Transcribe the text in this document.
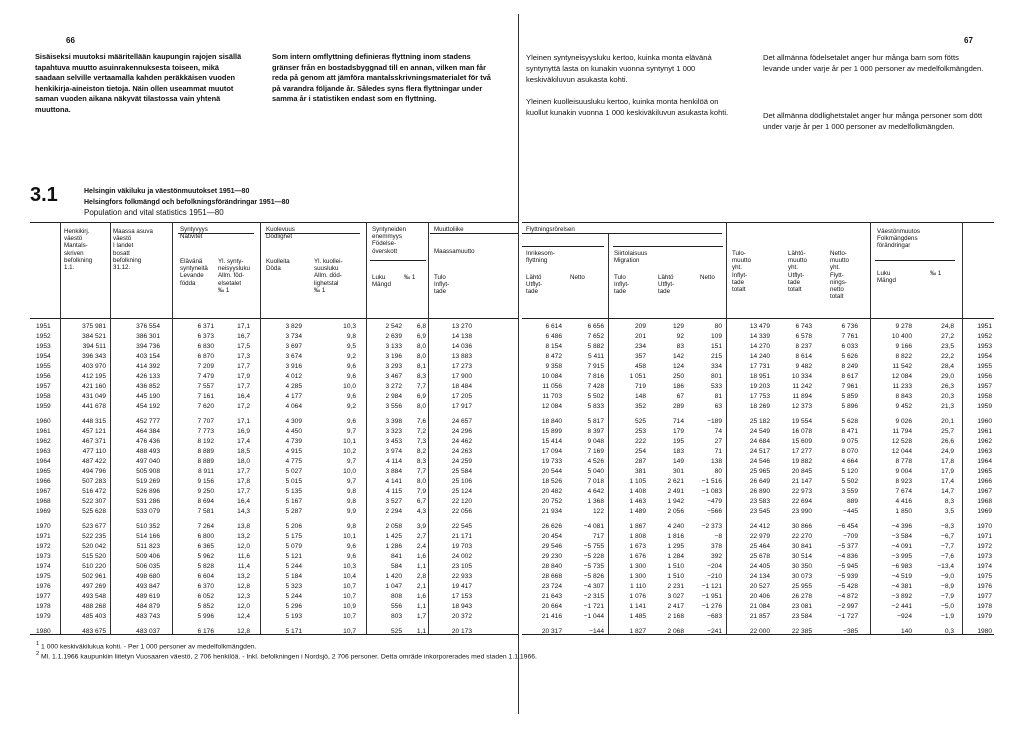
66	67
Sisäiseksi muutoksi määritellään kaupungin rajojen sisällä tapahtuva muutto asuinrakennuksesta toiseen, mikä saadaan selville vertaamalla kahden peräkkäisen vuoden henkikirja-aineiston tietoja. Näin ollen useammat muutot saman vuoden aikana näkyvät tilastossa vain yhtenä muuttona.
Som intern omflyttning definieras flyttning inom stadens gränser från en bostadsbyggnad till en annan, vilken man får reda på genom att jämföra mantalsskrivningsmaterialet för två på varandra följande år. Således syns flera flyttningar under samma år i statistiken endast som en flyttning.
Yleinen syntyneisyysluku kertoo, kuinka monta eläväná syntynyttä lasta on kunakin vuonna syntynyt 1 000 keskiväkiluvun asukasta kohti.
Det allmänna födelsetalet anger hur många barn som fötts levande under varje år per 1 000 personer av medelfolkmängden.
Yleinen kuolleisuusluku kertoo, kuinka monta henkilöä on kuollut kunakin vuonna 1 000 keskiväkiluvun asukasta kohti.	Det allmänna dödlighetstalet anger hur många personer som dött under varje år per 1 000 personer av medelfolkmängden.
3.1	Helsingin väkiluku ja väestönmuutokset 1951—80
Helsingfors folkmängd och befolkningsförändringar 1951—80
Population and vital statistics 1951—80
Henkikirj.
väestö
Mantals-
skriven
befolkning
1.1.
Maassa asuva
väestö
I landet
bosatt
befolkning
31.12.
Syntyvyys
Nativitet
Elävänä
syntyneitä
Levande
födda
Yl. synty-
neisyysluku
Allm. föd-
elsetalet
‰ 1
Kuolevuus
Dödlighet
Kuolleita
Döda
Yl. kuollei-
suusluku
Allm. död-
lighetstal
‰ 1
Syntyneiden
enemmyys
Födelse-
överskott
Luku
Mängd
‰ 1
Muuttoliike
Maassamuutto
Tulo
Inflyt-
tade
Flyttningsrörelsen
Inrikesom-
flyttning
Lähtö
Utflyt-
tade
Netto
Siirtolaisuus
Migration
Tulo
Inflyt-
tade
Lähtö
Utflyt-
tade
Netto
Tulo-
muutto
yht.
Inflyt-
tade
totalt
Lähtö-
muutto
yht.
Utflyt-
tade
totalt
Netto-
muutto
yht.
Flytt-
nings-
netto
totalt
Väestönmuutos
Folkmängdens
förändringar
Luku
Mängd
‰ 1
1951	375 981	376 554	6 371	17,1	3 829	10,3	2 542	6,8	13 270	6 614	6 656	209	129	80	13 479	6 743	6 736	9 278	24,8	1951
1952	384 521	386 301	6 373	16,7	3 734	9,8	2 639	6,9	14 138	6 486	7 652	201	92	109	14 339	6 578	7 761	10 400	27,2	1952
1953	394 511	394 736	6 830	17,5	3 697	9,5	3 133	8,0	14 036	8 154	5 882	234	83	151	14 270	8 237	6 033	9 166	23,5	1953
1954	396 343	403 154	6 870	17,3	3 674	9,2	3 196	8,0	13 883	8 472	5 411	357	142	215	14 240	8 614	5 626	8 822	22,2	1954
1955	403 970	414 392	7 209	17,7	3 916	9,6	3 293	8,1	17 273	9 358	7 915	458	124	334	17 731	9 482	8 249	11 542	28,4	1955
1956	412 195	426 133	7 479	17,9	4 012	9,6	3 467	8,3	17 900	10 084	7 816	1 051	250	801	18 951	10 334	8 617	12 084	29,0	1956
1957	421 160	436 852	7 557	17,7	4 285	10,0	3 272	7,7	18 484	11 056	7 428	719	186	533	19 203	11 242	7 961	11 233	26,3	1957
1958	431 049	445 190	7 161	16,4	4 177	9,6	2 984	6,9	17 205	11 703	5 502	148	67	81	17 753	11 894	5 859	8 843	20,3	1958
1959	441 678	454 192	7 620	17,2	4 064	9,2	3 556	8,0	17 917	12 084	5 833	352	289	63	18 269	12 373	5 896	9 452	21,3	1959
1960	448 315	452 777	7 707	17,1	4 309	9,6	3 398	7,6	24 657	18 840	5 817	525	714	−189	25 182	19 554	5 628	9 026	20,1	1960
1961	457 121	464 384	7 773	16,9	4 450	9,7	3 323	7,2	24 296	15 899	8 397	253	179	74	24 549	16 078	8 471	11 794	25,7	1961
1962	467 371	476 436	8 192	17,4	4 739	10,1	3 453	7,3	24 462	15 414	9 048	222	195	27	24 684	15 609	9 075	12 528	26,6	1962
1963	477 110	488 493	8 889	18,5	4 915	10,2	3 974	8,2	24 263	17 094	7 169	254	183	71	24 517	17 277	8 070	12 044	24,9	1963
1964	487 422	497 040	8 889	18,0	4 775	9,7	4 114	8,3	24 259	19 733	4 526	287	149	138	24 546	19 882	4 664	8 778	17,8	1964
1965	494 796	505 908	8 911	17,7	5 027	10,0	3 884	7,7	25 584	20 544	5 040	381	301	80	25 965	20 845	5 120	9 004	17,9	1965
1966	507 283	519 269	9 156	17,8	5 015	9,7	4 141	8,0	25 106	18 526	7 018	1 105	2 621	−1 516	26 649	21 147	5 502	8 923	17,4	1966
1967	516 472	526 896	9 250	17,7	5 135	9,8	4 115	7,9	25 124	20 482	4 642	1 408	2 491	−1 083	26 890	22 973	3 559	7 674	14,7	1967
1968	522 307	531 286	8 694	16,4	5 167	9,8	3 527	6,7	22 120	20 752	1 368	1 463	1 942	−479	23 583	22 694	889	4 416	8,3	1968
1969	525 628	533 079	7 581	14,3	5 287	9,9	2 294	4,3	22 056	21 934	122	1 489	2 056	−566	23 545	23 990	−445	1 850	3,5	1969
1970	523 677	510 352	7 264	13,8	5 206	9,8	2 058	3,9	22 545	26 626	−4 081	1 867	4 240	−2 373	24 412	30 866	−6 454	−4 396	−8,3	1970
1971	522 235	514 166	6 800	13,2	5 175	10,1	1 425	2,7	21 171	20 454	717	1 808	1 816	−8	22 979	22 270	−709	−3 584	−6,7	1971
1972	520 042	511 823	6 365	12,0	5 079	9,6	1 286	2,4	19 703	29 546	−5 755	1 673	1 295	378	25 464	30 841	−5 377	−4 091	−7,7	1972
1973	515 520	509 406	5 962	11,6	5 121	9,6	841	1,6	24 002	29 230	−5 228	1 676	1 284	392	25 678	30 514	−4 836	−3 995	−7,6	1973
1974	510 220	506 035	5 828	11,4	5 244	10,3	584	1,1	23 105	28 840	−5 735	1 300	1 510	−204	24 405	30 350	−5 945	−6 983	−13,4	1974
1975	502 961	498 680	6 604	13,2	5 184	10,4	1 420	2,8	22 933	28 668	−5 826	1 300	1 510	−210	24 134	30 073	−5 939	−4 519	−9,0	1975
1976	497 269	493 847	6 370	12,8	5 323	10,7	1 047	2,1	19 417	23 724	−4 307	1 110	2 231	−1 121	20 527	25 955	−5 428	−4 381	−8,9	1976
1977	493 548	489 619	6 052	12,3	5 244	10,7	808	1,6	17 153	21 643	−2 315	1 076	3 027	−1 951	20 406	26 278	−4 872	−3 892	−7,9	1977
1978	488 268	484 879	5 852	12,0	5 296	10,9	556	1,1	18 943	20 664	−1 721	1 141	2 417	−1 276	21 084	23 081	−2 997	−2 441	−5,0	1978
1979	485 403	483 743	5 996	12,4	5 193	10,7	803	1,7	20 372	21 416	−1 044	1 485	2 168	−683	21 857	23 584	−1 727	−924	−1,9	1979
1980	483 675	483 037	6 176	12,8	5 171	10,7	525	1,1	20 173	20 317	−144	1 827	2 068	−241	22 000	22 385	−385	140	0,3	1980
$^1$ 1 000 keskiväkilukua kohti. - Per 1 000 personer av medelfolkmängden.
$^2$ Ml. 1.1.1966 kaupunkiin liitetyn Vuosaaren väestö, 2 706 henkilöä. - Inkl. befolkningen i Nordsjö, 2 706 personer. Detta omräde inkorporerades med staden 1.1.1966.
